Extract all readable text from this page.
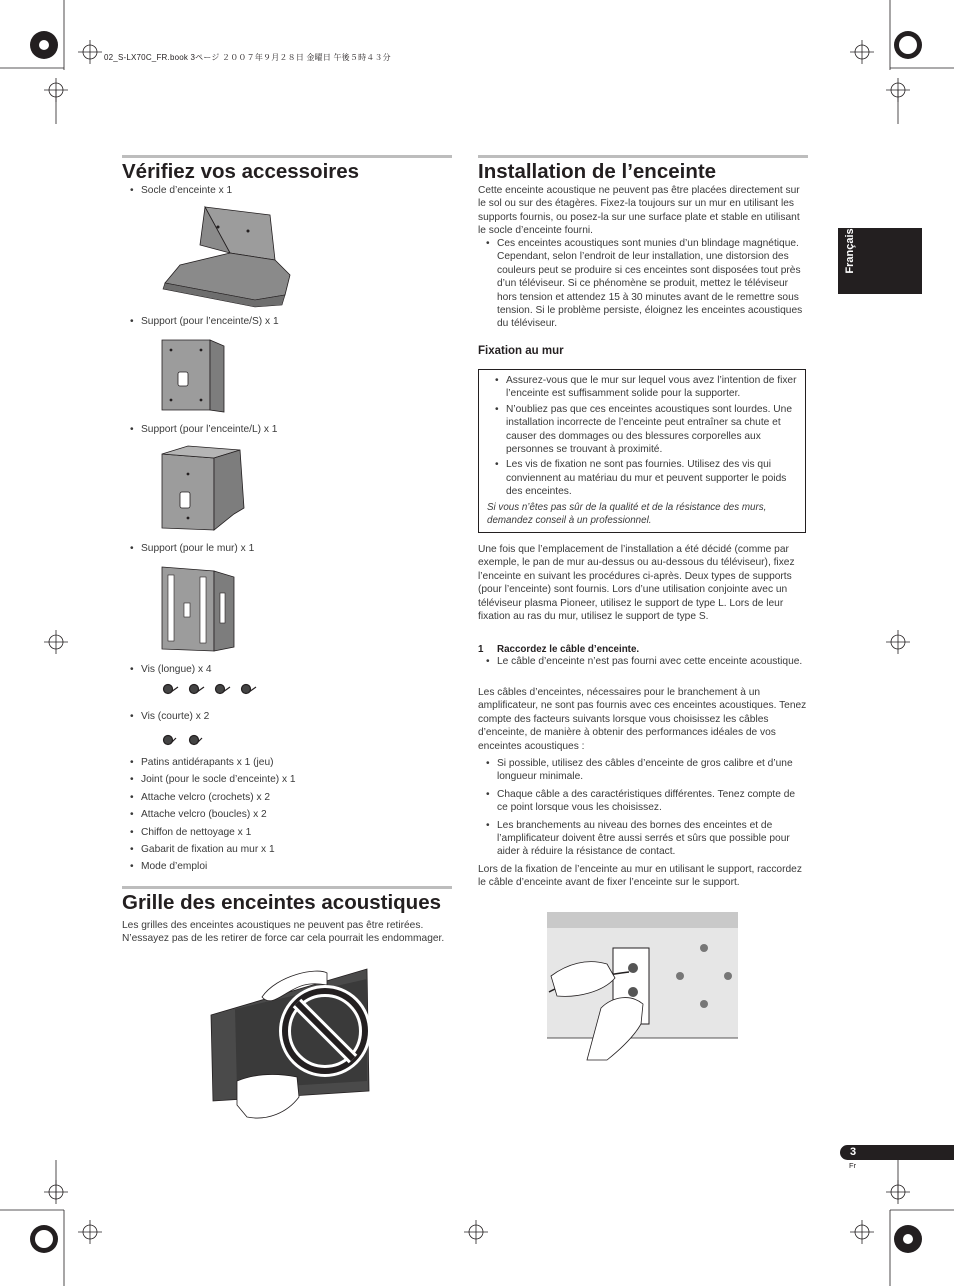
02_S-LX70C_FR.book 3ページ ２００７年９月２８日 金曜日 午後５時４３分
Français
Vérifiez vos accessoires
• Socle d’enceinte x 1
• Support (pour l’enceinte/S) x 1
• Support (pour l’enceinte/L) x 1
• Support (pour le mur) x 1
• Vis (longue) x 4
• Vis (courte) x 2
• Patins antidérapants x 1 (jeu)
• Joint (pour le socle d’enceinte) x 1
• Attache velcro (crochets) x 2
• Attache velcro (boucles) x 2
• Chiffon de nettoyage x 1
• Gabarit de fixation au mur x 1
• Mode d’emploi
Grille des enceintes acoustiques
Les grilles des enceintes acoustiques ne peuvent pas être retirées. N’essayez pas de les retirer de force car cela pourrait les endommager.
Installation de l’enceinte
Cette enceinte acoustique ne peuvent pas être placées directement sur le sol ou sur des étagères. Fixez-la toujours sur un mur en utilisant les supports fournis, ou posez-la sur une surface plate et stable en utilisant le socle d’enceinte fourni.
• Ces enceintes acoustiques sont munies d’un blindage magnétique. Cependant, selon l’endroit de leur installation, une distorsion des couleurs peut se produire si ces enceintes sont disposées tout près d’un téléviseur. Si ce phénomène se produit, mettez le téléviseur hors tension et attendez 15 à 30 minutes avant de le remettre sous tension. Si le problème persiste, éloignez les enceintes acoustiques du téléviseur.
Fixation au mur
• Assurez-vous que le mur sur lequel vous avez l’intention de fixer l’enceinte est suffisamment solide pour la supporter.
• N’oubliez pas que ces enceintes acoustiques sont lourdes. Une installation incorrecte de l’enceinte peut entraîner sa chute et causer des dommages ou des blessures corporelles aux personnes se trouvant à proximité.
• Les vis de fixation ne sont pas fournies. Utilisez des vis qui conviennent au matériau du mur et peuvent supporter le poids des enceintes.
Si vous n’êtes pas sûr de la qualité et de la résistance des murs, demandez conseil à un professionnel.
Une fois que l’emplacement de l’installation a été décidé (comme par exemple, le pan de mur au-dessus ou au-dessous du téléviseur), fixez l’enceinte en suivant les procédures ci-après. Deux types de supports (pour l’enceinte) sont fournis. Lors d’une utilisation conjointe avec un téléviseur plasma Pioneer, utilisez le support de type L. Lors de leur fixation au ras du mur, utilisez le support de type S.
1 Raccordez le câble d’enceinte.
• Le câble d’enceinte n’est pas fourni avec cette enceinte acoustique.
Les câbles d’enceintes, nécessaires pour le branchement à un amplificateur, ne sont pas fournis avec ces enceintes acoustiques. Tenez compte des facteurs suivants lorsque vous choisissez les câbles d’enceinte, de manière à obtenir des performances idéales de vos enceintes acoustiques :
• Si possible, utilisez des câbles d’enceinte de gros calibre et d’une longueur minimale.
• Chaque câble a des caractéristiques différentes. Tenez compte de ce point lorsque vous les choisissez.
• Les branchements au niveau des bornes des enceintes et de l’amplificateur doivent être aussi serrés et sûrs que possible pour aider à réduire la résistance de contact.
Lors de la fixation de l’enceinte au mur en utilisant le support, raccordez le câble d’enceinte avant de fixer l’enceinte sur le support.
3
Fr
